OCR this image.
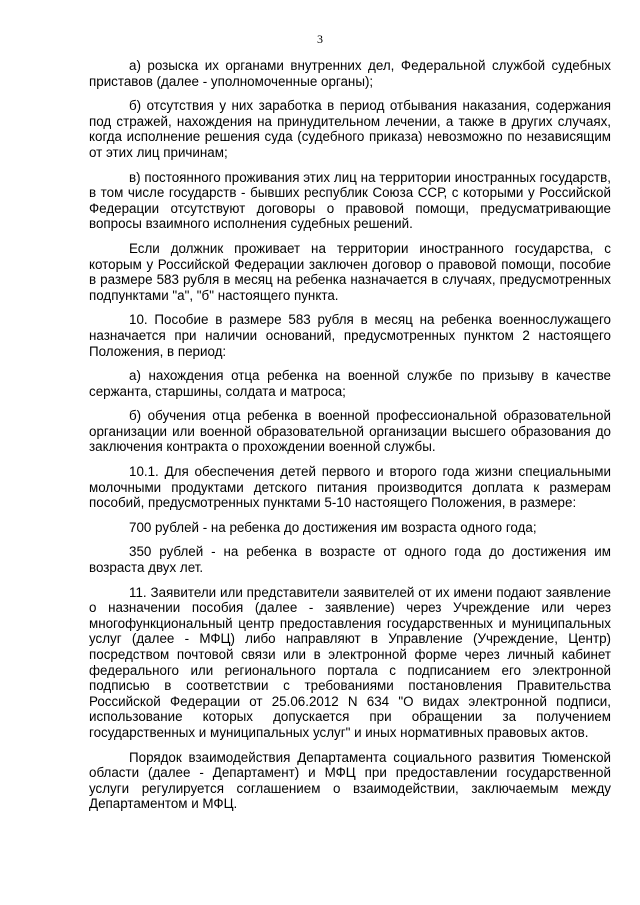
3

а) розыска их органами внутренних дел, Федеральной службой судебных приставов (далее - уполномоченные органы);

б) отсутствия у них заработка в период отбывания наказания, содержания под стражей, нахождения на принудительном лечении, а также в других случаях, когда исполнение решения суда (судебного приказа) невозможно по независящим от этих лиц причинам;

в) постоянного проживания этих лиц на территории иностранных государств, в том числе государств - бывших республик Союза ССР, с которыми у Российской Федерации отсутствуют договоры о правовой помощи, предусматривающие вопросы взаимного исполнения судебных решений.

Если должник проживает на территории иностранного государства, с которым у Российской Федерации заключен договор о правовой помощи, пособие в размере 583 рубля в месяц на ребенка назначается в случаях, предусмотренных подпунктами "а", "б" настоящего пункта.

10. Пособие в размере 583 рубля в месяц на ребенка военнослужащего назначается при наличии оснований, предусмотренных пунктом 2 настоящего Положения, в период:

а) нахождения отца ребенка на военной службе по призыву в качестве сержанта, старшины, солдата и матроса;

б) обучения отца ребенка в военной профессиональной образовательной организации или военной образовательной организации высшего образования до заключения контракта о прохождении военной службы.

10.1. Для обеспечения детей первого и второго года жизни специальными молочными продуктами детского питания производится доплата к размерам пособий, предусмотренных пунктами 5-10 настоящего Положения, в размере:

700 рублей - на ребенка до достижения им возраста одного года;

350 рублей - на ребенка в возрасте от одного года до достижения им возраста двух лет.

11. Заявители или представители заявителей от их имени подают заявление о назначении пособия (далее - заявление) через Учреждение или через многофункциональный центр предоставления государственных и муниципальных услуг (далее - МФЦ) либо направляют в Управление (Учреждение, Центр) посредством почтовой связи или в электронной форме через личный кабинет федерального или регионального портала с подписанием его электронной подписью в соответствии с требованиями постановления Правительства Российской Федерации от 25.06.2012 N 634 "О видах электронной подписи, использование которых допускается при обращении за получением государственных и муниципальных услуг" и иных нормативных правовых актов.

Порядок взаимодействия Департамента социального развития Тюменской области (далее - Департамент) и МФЦ при предоставлении государственной услуги регулируется соглашением о взаимодействии, заключаемым между Департаментом и МФЦ.
